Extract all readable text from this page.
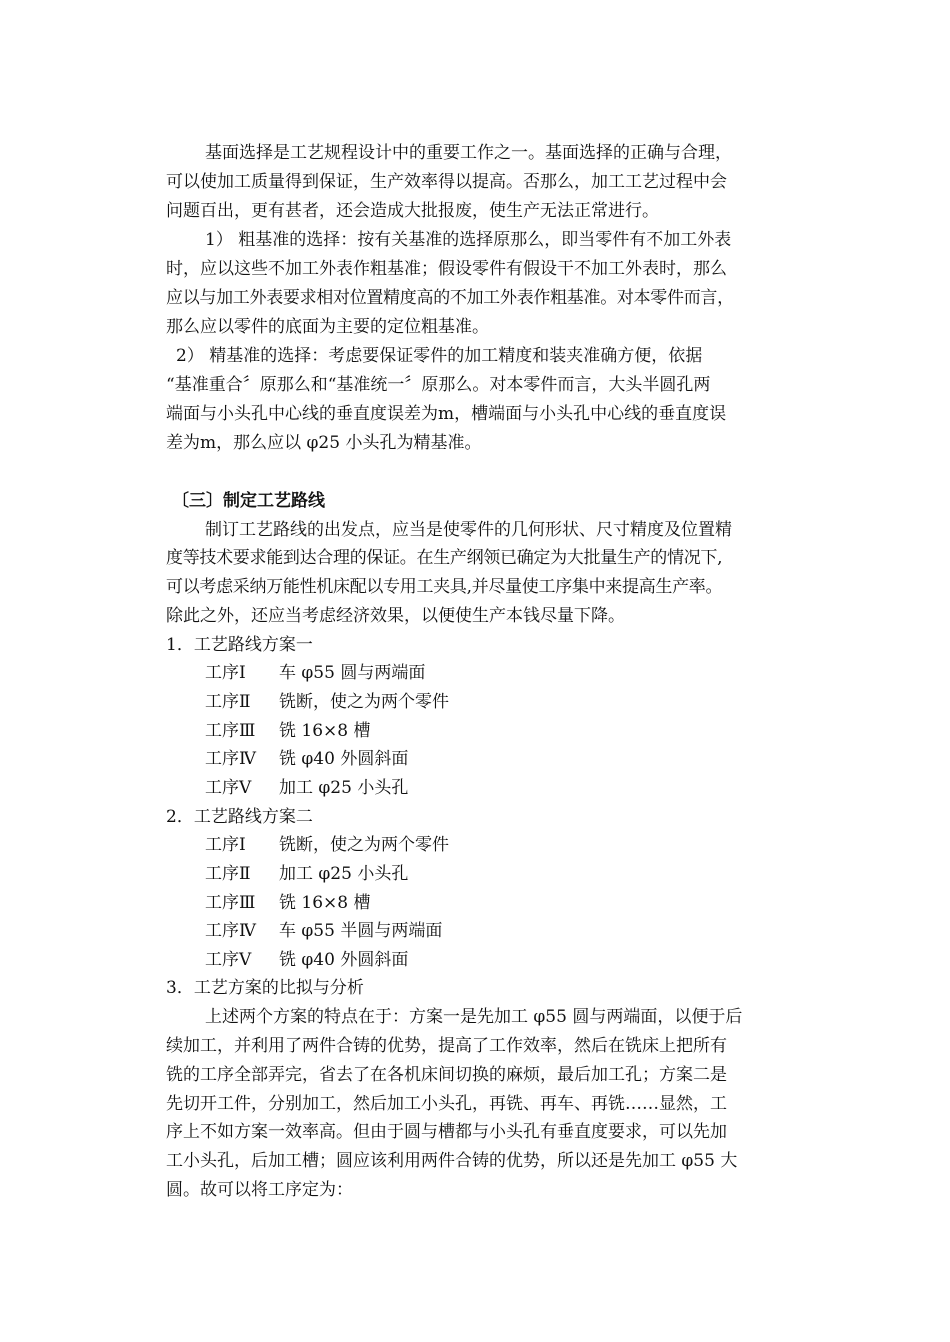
基面选择是工艺规程设计中的重要工作之一。基面选择的正确与合理，
可以使加工质量得到保证，生产效率得以提高。否那么，加工工艺过程中会
问题百出，更有甚者，还会造成大批报废，使生产无法正常进行。
1） 粗基准的选择：按有关基准的选择原那么，即当零件有不加工外表
时，应以这些不加工外表作粗基准；假设零件有假设干不加工外表时，那么
应以与加工外表要求相对位置精度高的不加工外表作粗基准。对本零件而言，
那么应以零件的底面为主要的定位粗基准。
2） 精基准的选择：考虑要保证零件的加工精度和装夹准确方便，依据
“基准重合〞原那么和“基准统一〞原那么。对本零件而言，大头半圆孔两
端面与小头孔中心线的垂直度误差为m，槽端面与小头孔中心线的垂直度误
差为m，那么应以 φ25 小头孔为精基准。
〔三〕制定工艺路线
制订工艺路线的出发点，应当是使零件的几何形状、尺寸精度及位置精
度等技术要求能到达合理的保证。在生产纲领已确定为大批量生产的情况下,
可以考虑采纳万能性机床配以专用工夹具,并尽量使工序集中来提高生产率。
除此之外，还应当考虑经济效果，以便使生产本钱尽量下降。
1．工艺路线方案一
工序Ⅰ 车 φ55 圆与两端面
工序Ⅱ 铣断，使之为两个零件
工序Ⅲ 铣 16×8 槽
工序Ⅳ 铣 φ40 外圆斜面
工序Ⅴ 加工 φ25 小头孔
2．工艺路线方案二
工序Ⅰ 铣断，使之为两个零件
工序Ⅱ 加工 φ25 小头孔
工序Ⅲ 铣 16×8 槽
工序Ⅳ 车 φ55 半圆与两端面
工序Ⅴ 铣 φ40 外圆斜面
3．工艺方案的比拟与分析
上述两个方案的特点在于：方案一是先加工 φ55 圆与两端面，以便于后
续加工，并利用了两件合铸的优势，提高了工作效率，然后在铣床上把所有
铣的工序全部弄完，省去了在各机床间切换的麻烦，最后加工孔；方案二是
先切开工件，分别加工，然后加工小头孔，再铣、再车、再铣……显然，工
序上不如方案一效率高。但由于圆与槽都与小头孔有垂直度要求，可以先加
工小头孔，后加工槽；圆应该利用两件合铸的优势，所以还是先加工 φ55 大
圆。故可以将工序定为：
